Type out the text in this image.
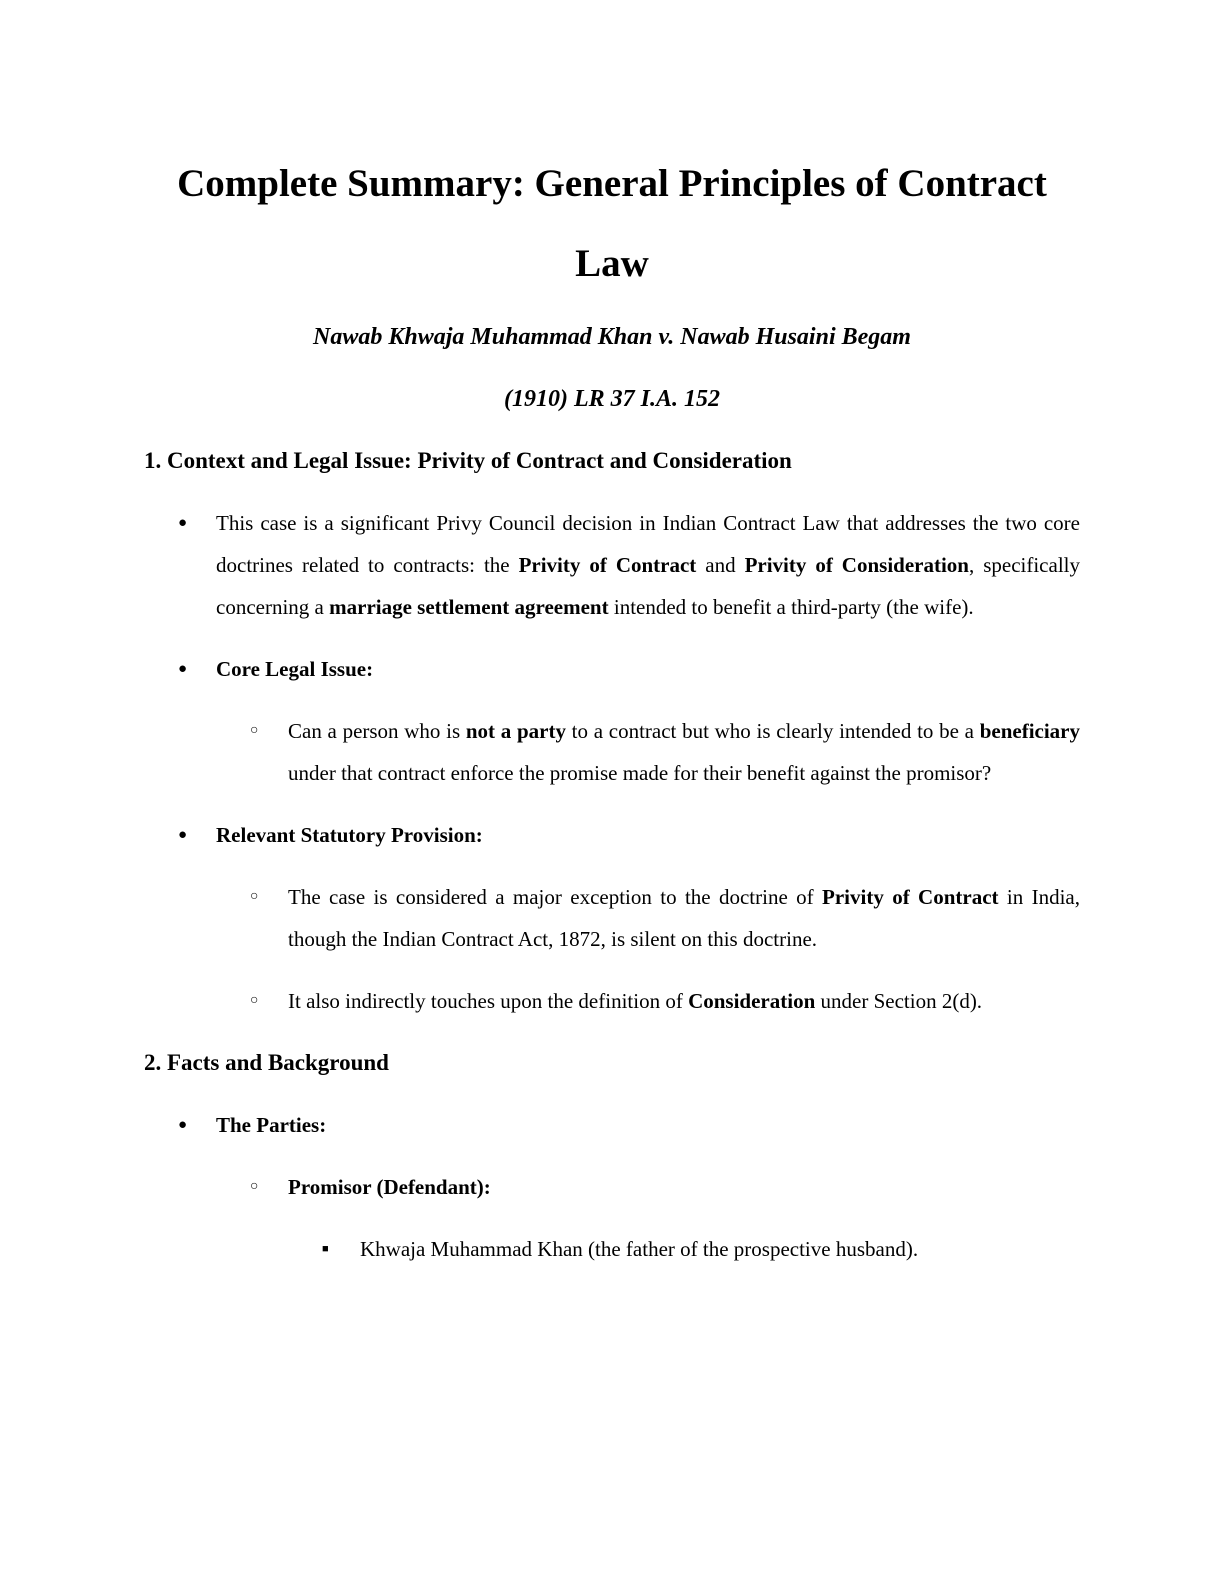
Complete Summary: General Principles of Contract
Law

Nawab Khwaja Muhammad Khan v. Nawab Husaini Begam

(1910) LR 37 I.A. 152

1. Context and Legal Issue: Privity of Contract and Consideration
● This case is a significant Privy Council decision in Indian Contract Law that addresses the two core doctrines related to contracts: the Privity of Contract and Privity of Consideration, specifically concerning a marriage settlement agreement intended to benefit a third-party (the wife).
● Core Legal Issue:
○ Can a person who is not a party to a contract but who is clearly intended to be a beneficiary under that contract enforce the promise made for their benefit against the promisor?
● Relevant Statutory Provision:
○ The case is considered a major exception to the doctrine of Privity of Contract in India, though the Indian Contract Act, 1872, is silent on this doctrine.
○ It also indirectly touches upon the definition of Consideration under Section 2(d).
2. Facts and Background
● The Parties:
○ Promisor (Defendant):
■ Khwaja Muhammad Khan (the father of the prospective husband).
